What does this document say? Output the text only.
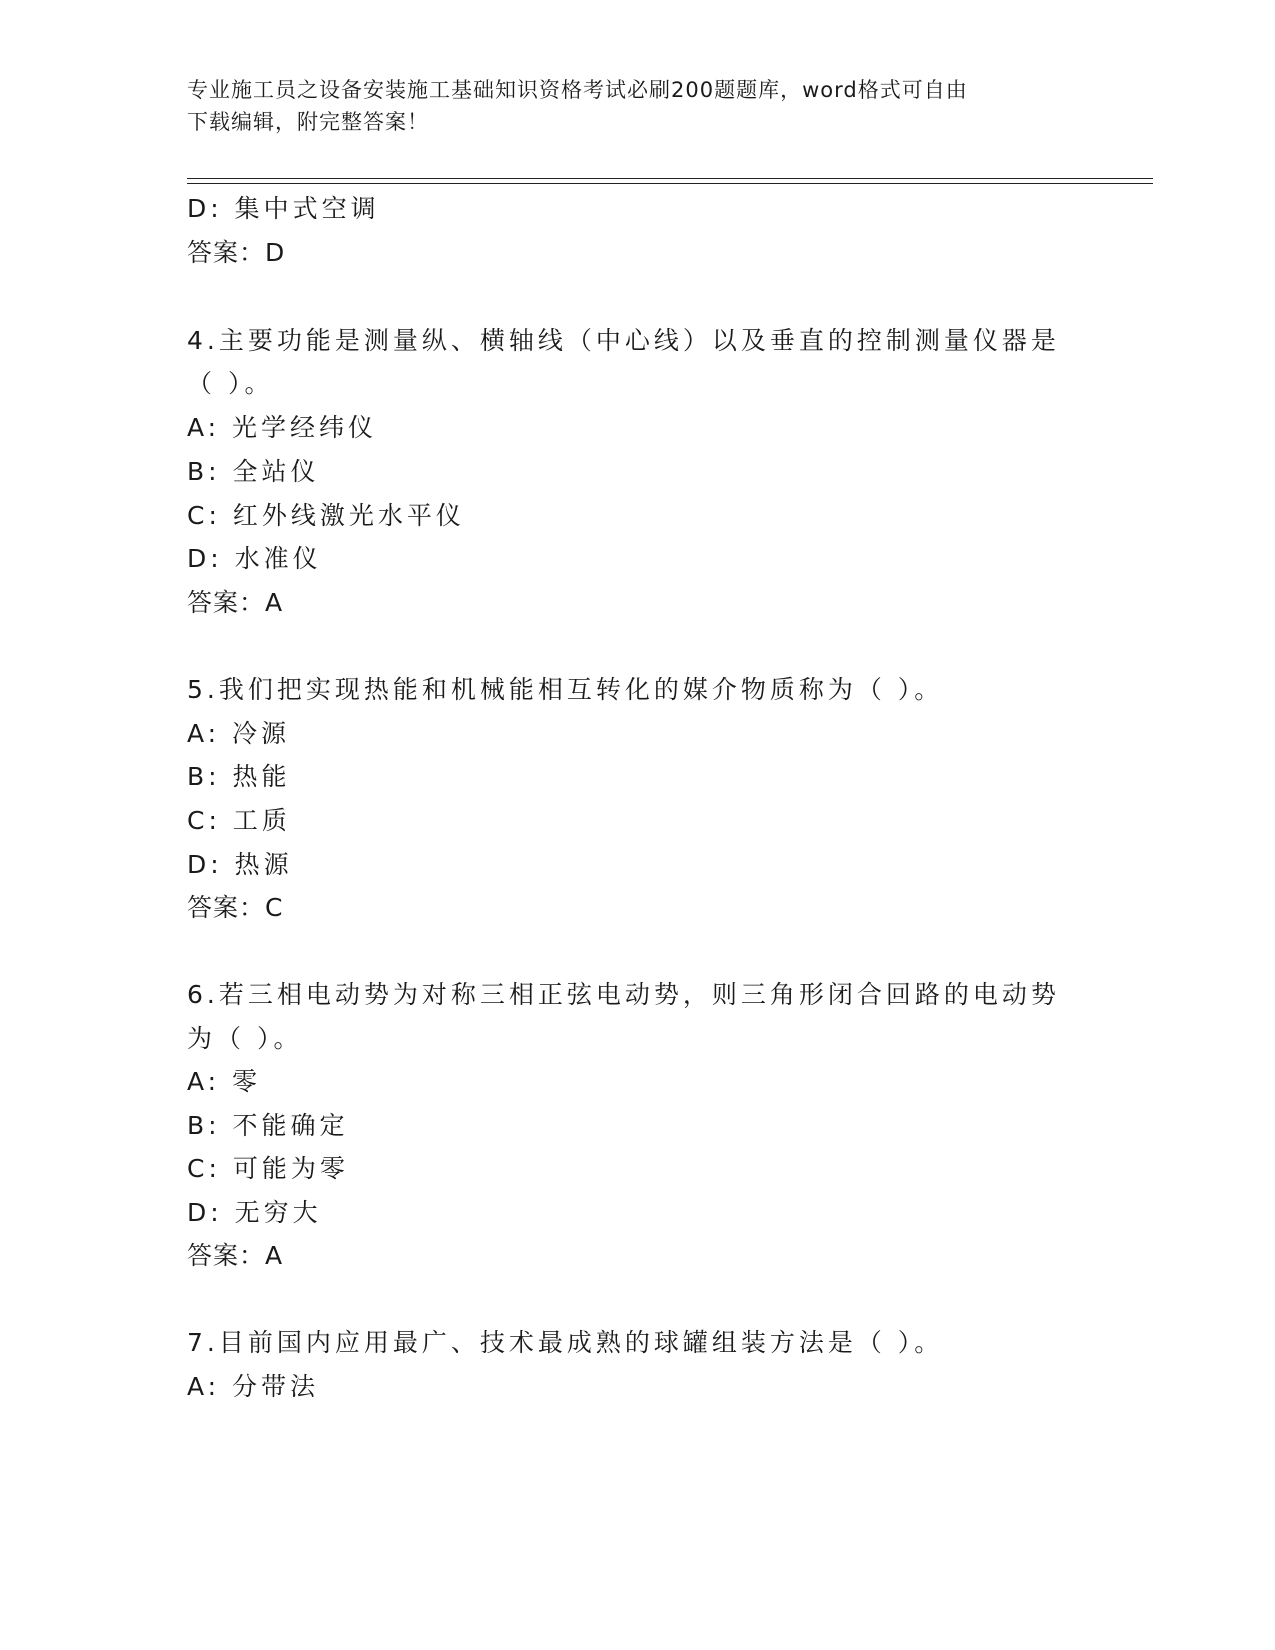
专业施工员之设备安装施工基础知识资格考试必刷200题题库，word格式可自由
下载编辑，附完整答案！
D: 集中式空调
答案：D
4.主要功能是测量纵、横轴线（中心线）以及垂直的控制测量仪器是
（ ）。
A: 光学经纬仪
B: 全站仪
C: 红外线激光水平仪
D: 水准仪
答案：A
5.我们把实现热能和机械能相互转化的媒介物质称为（ ）。
A: 冷源
B: 热能
C: 工质
D: 热源
答案：C
6.若三相电动势为对称三相正弦电动势，则三角形闭合回路的电动势
为（ ）。
A: 零
B: 不能确定
C: 可能为零
D: 无穷大
答案：A
7.目前国内应用最广、技术最成熟的球罐组装方法是（ ）。
A: 分带法
